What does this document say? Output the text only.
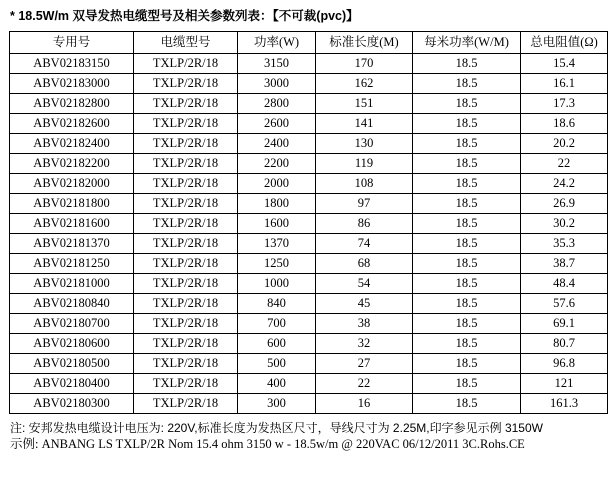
* 18.5W/m 双导发热电缆型号及相关参数列表：【不可裁(pvc)】
专用号	电缆型号	功率(W)	标准长度(M)	每米功率(W/M)	总电阻值(Ω)
ABV02183150	TXLP/2R/18	3150	170	18.5	15.4
ABV02183000	TXLP/2R/18	3000	162	18.5	16.1
ABV02182800	TXLP/2R/18	2800	151	18.5	17.3
ABV02182600	TXLP/2R/18	2600	141	18.5	18.6
ABV02182400	TXLP/2R/18	2400	130	18.5	20.2
ABV02182200	TXLP/2R/18	2200	119	18.5	22
ABV02182000	TXLP/2R/18	2000	108	18.5	24.2
ABV02181800	TXLP/2R/18	1800	97	18.5	26.9
ABV02181600	TXLP/2R/18	1600	86	18.5	30.2
ABV02181370	TXLP/2R/18	1370	74	18.5	35.3
ABV02181250	TXLP/2R/18	1250	68	18.5	38.7
ABV02181000	TXLP/2R/18	1000	54	18.5	48.4
ABV02180840	TXLP/2R/18	840	45	18.5	57.6
ABV02180700	TXLP/2R/18	700	38	18.5	69.1
ABV02180600	TXLP/2R/18	600	32	18.5	80.7
ABV02180500	TXLP/2R/18	500	27	18.5	96.8
ABV02180400	TXLP/2R/18	400	22	18.5	121
ABV02180300	TXLP/2R/18	300	16	18.5	161.3
注: 安邦发热电缆设计电压为: 220V,标准长度为发热区尺寸，导线尺寸为 2.25M,印字参见示例 3150W
示例: ANBANG LS TXLP/2R Nom 15.4 ohm 3150 w - 18.5w/m @ 220VAC 06/12/2011 3C.Rohs.CE
